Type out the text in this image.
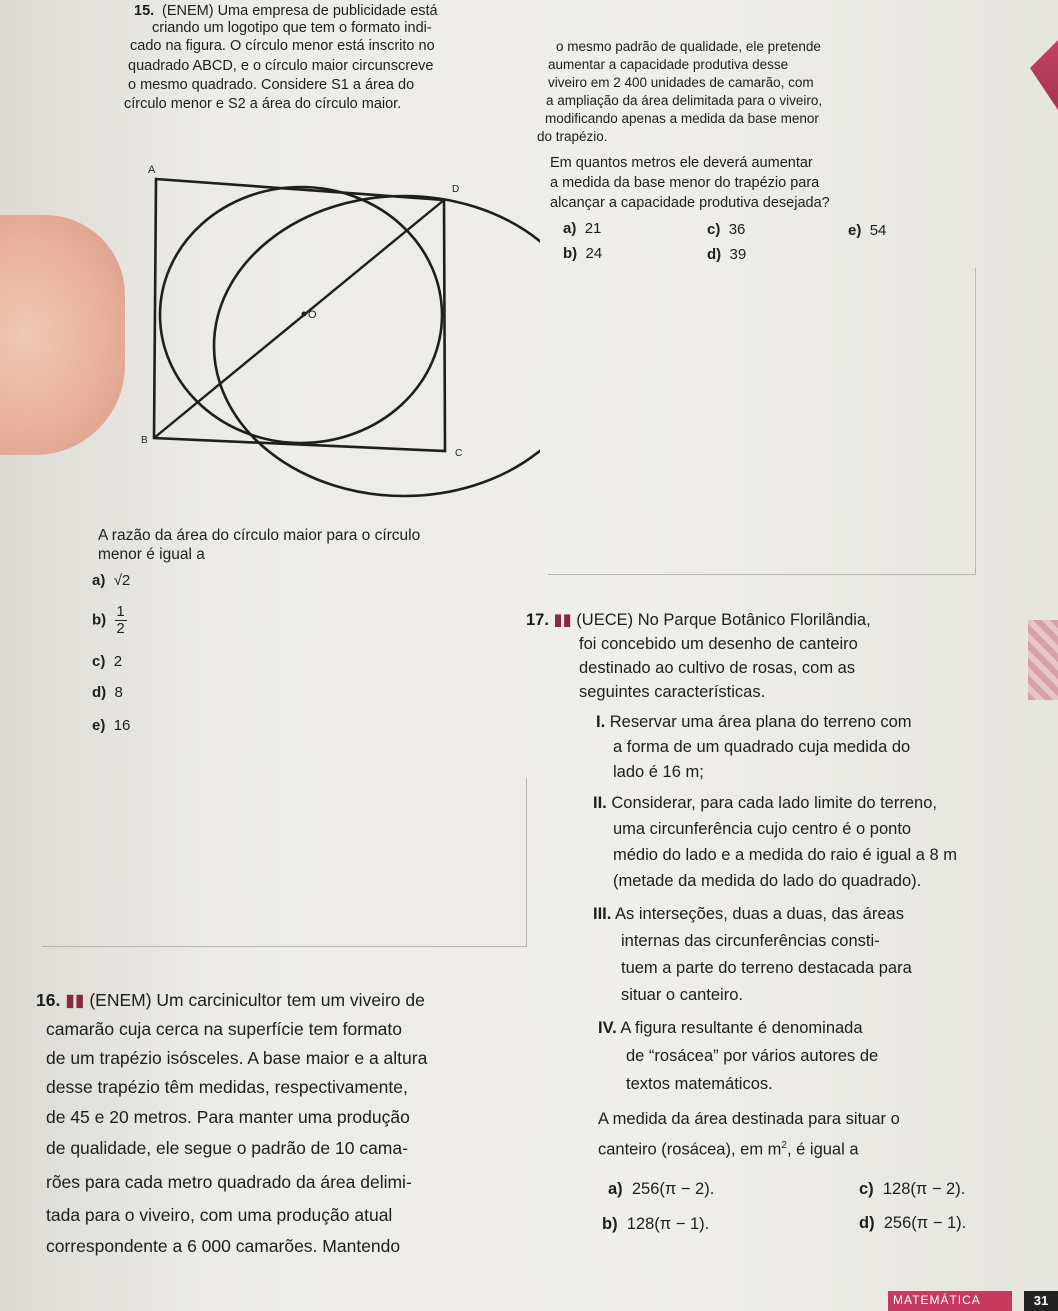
15. (ENEM) Uma empresa de publicidade está
criando um logotipo que tem o formato indi-
cado na figura. O círculo menor está inscrito no
quadrado ABCD, e o círculo maior circunscreve
o mesmo quadrado. Considere S1 a área do
círculo menor e S2 a área do círculo maior.
A
D
B
C
O
A razão da área do círculo maior para o círculo
menor é igual a
a) √2
$b) \frac{1}{2}$
c) 2
d) 8
e) 16
o mesmo padrão de qualidade, ele pretende
aumentar a capacidade produtiva desse
viveiro em 2 400 unidades de camarão, com
a ampliação da área delimitada para o viveiro,
modificando apenas a medida da base menor
do trapézio.
Em quantos metros ele deverá aumentar
a medida da base menor do trapézio para
alcançar a capacidade produtiva desejada?
a) 21
b) 24
c) 36
d) 39
e) 54
16. ▮▮ (ENEM) Um carcinicultor tem um viveiro de
camarão cuja cerca na superfície tem formato
de um trapézio isósceles. A base maior e a altura
desse trapézio têm medidas, respectivamente,
de 45 e 20 metros. Para manter uma produção
de qualidade, ele segue o padrão de 10 cama-
rões para cada metro quadrado da área delimi-
tada para o viveiro, com uma produção atual
correspondente a 6 000 camarões. Mantendo
17. ▮▮ (UECE) No Parque Botânico Florilândia,
foi concebido um desenho de canteiro
destinado ao cultivo de rosas, com as
seguintes características.
I. Reservar uma área plana do terreno com
a forma de um quadrado cuja medida do
lado é 16 m;
II. Considerar, para cada lado limite do terreno,
uma circunferência cujo centro é o ponto
médio do lado e a medida do raio é igual a 8 m
(metade da medida do lado do quadrado).
III. As interseções, duas a duas, das áreas
internas das circunferências consti-
tuem a parte do terreno destacada para
situar o canteiro.
IV. A figura resultante é denominada
de “rosácea” por vários autores de
textos matemáticos.
A medida da área destinada para situar o
canteiro (rosácea), em $m^2$, é igual a
a) 256(π − 2).
b) 128(π − 1).
c) 128(π − 2).
d) 256(π − 1).
MATEMÁTICA	31
